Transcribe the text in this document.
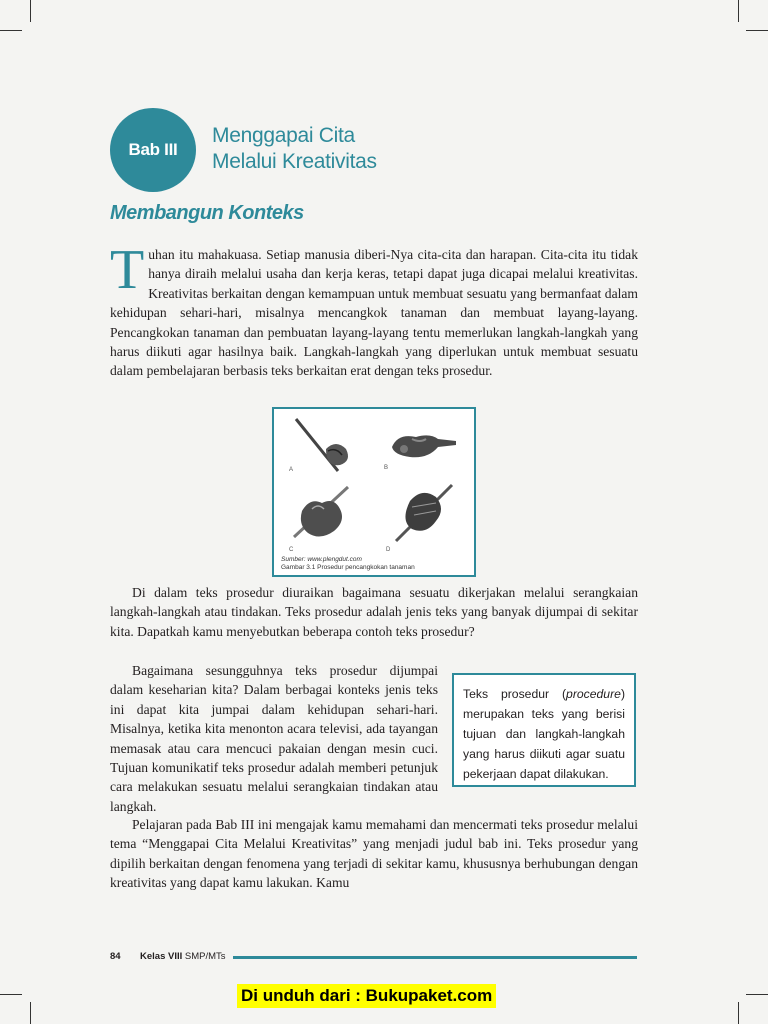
Bab III
Menggapai Cita
Melalui Kreativitas
Membangun Konteks

Tuhan itu mahakuasa. Setiap manusia diberi-Nya cita-cita dan harapan. Cita-cita itu tidak hanya diraih melalui usaha dan kerja keras, tetapi dapat juga dicapai melalui kreativitas. Kreativitas berkaitan dengan kemampuan untuk membuat sesuatu yang bermanfaat dalam kehidupan sehari-hari, misalnya mencangkok tanaman dan membuat layang-layang. Pencangkokan tanaman dan pembuatan layang-layang tentu memerlukan langkah-langkah yang harus diikuti agar hasilnya baik. Langkah-langkah yang diperlukan untuk membuat sesuatu dalam pembelajaran berbasis teks berkaitan erat dengan teks prosedur.

A	B
C	D
Sumber: www.plengdut.com
Gambar 3.1 Prosedur pencangkokan tanaman

Di dalam teks prosedur diuraikan bagaimana sesuatu dikerjakan melalui serangkaian langkah-langkah atau tindakan. Teks prosedur adalah jenis teks yang banyak dijumpai di sekitar kita. Dapatkah kamu menyebutkan beberapa contoh teks prosedur?

Bagaimana sesungguhnya teks prosedur dijumpai dalam keseharian kita? Dalam berbagai konteks jenis teks ini dapat kita jumpai dalam kehidupan sehari-hari. Misalnya, ketika kita menonton acara televisi, ada tayangan memasak atau cara mencuci pakaian dengan mesin cuci. Tujuan komunikatif teks prosedur adalah memberi petunjuk cara melakukan sesuatu melalui serangkaian tindakan atau langkah.

Teks prosedur (procedure) merupakan teks yang berisi tujuan dan langkah-langkah yang harus diikuti agar suatu pekerjaan dapat dilakukan.

Pelajaran pada Bab III ini mengajak kamu memahami dan mencermati teks prosedur melalui tema “Menggapai Cita Melalui Kreativitas” yang menjadi judul bab ini. Teks prosedur yang dipilih berkaitan dengan fenomena yang terjadi di sekitar kamu, khususnya berhubungan dengan kreativitas yang dapat kamu lakukan. Kamu

84 Kelas VIII SMP/MTs
Di unduh dari : Bukupaket.com
